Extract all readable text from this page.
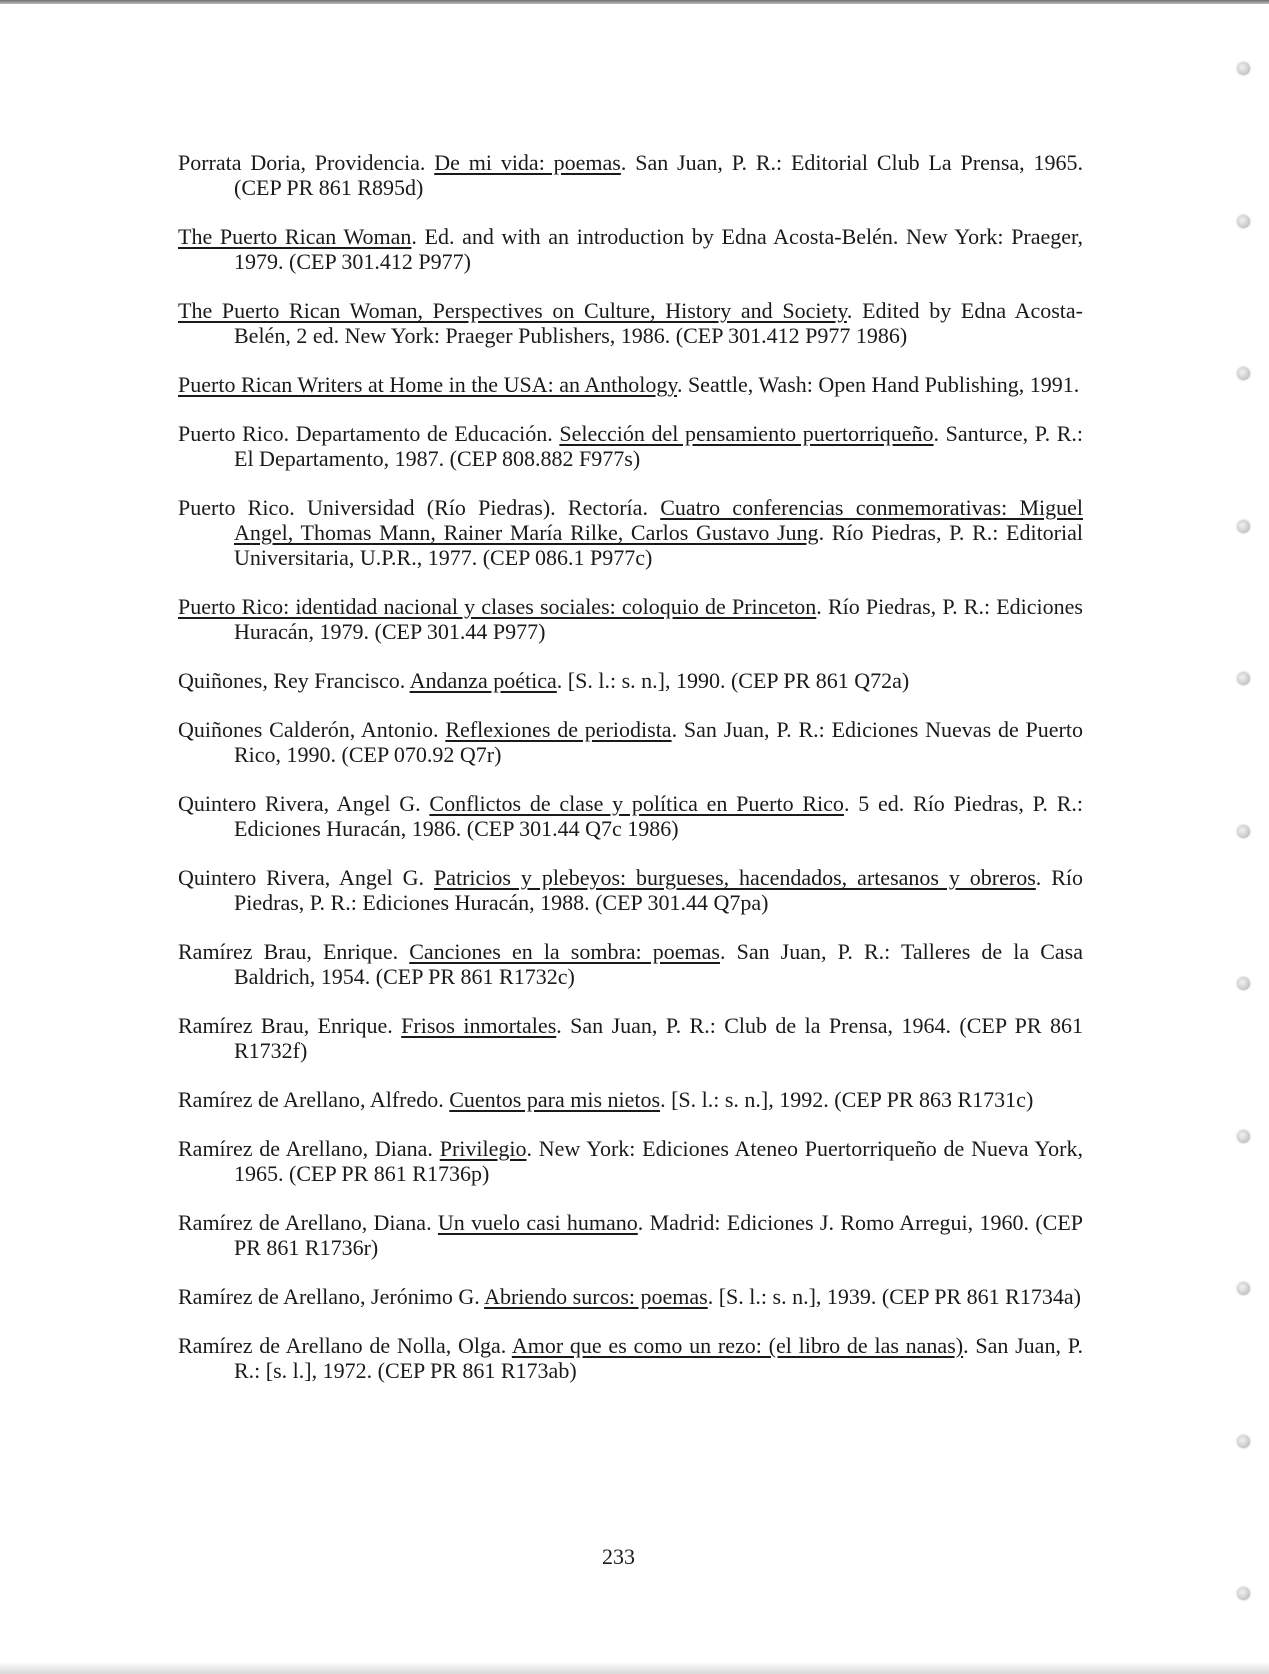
Porrata Doria, Providencia. De mi vida: poemas. San Juan, P. R.: Editorial Club La Prensa, 1965. (CEP PR 861 R895d)

The Puerto Rican Woman. Ed. and with an introduction by Edna Acosta-Belén. New York: Praeger, 1979. (CEP 301.412 P977)

The Puerto Rican Woman, Perspectives on Culture, History and Society. Edited by Edna Acosta-Belén, 2 ed. New York: Praeger Publishers, 1986. (CEP 301.412 P977 1986)

Puerto Rican Writers at Home in the USA: an Anthology. Seattle, Wash: Open Hand Publishing, 1991.

Puerto Rico. Departamento de Educación. Selección del pensamiento puertorriqueño. Santurce, P. R.: El Departamento, 1987. (CEP 808.882 F977s)

Puerto Rico. Universidad (Río Piedras). Rectoría. Cuatro conferencias conmemorativas: Miguel Angel, Thomas Mann, Rainer María Rilke, Carlos Gustavo Jung. Río Piedras, P. R.: Editorial Universitaria, U.P.R., 1977. (CEP 086.1 P977c)

Puerto Rico: identidad nacional y clases sociales: coloquio de Princeton. Río Piedras, P. R.: Ediciones Huracán, 1979. (CEP 301.44 P977)

Quiñones, Rey Francisco. Andanza poética. [S. l.: s. n.], 1990. (CEP PR 861 Q72a)

Quiñones Calderón, Antonio. Reflexiones de periodista. San Juan, P. R.: Ediciones Nuevas de Puerto Rico, 1990. (CEP 070.92 Q7r)

Quintero Rivera, Angel G. Conflictos de clase y política en Puerto Rico. 5 ed. Río Piedras, P. R.: Ediciones Huracán, 1986. (CEP 301.44 Q7c 1986)

Quintero Rivera, Angel G. Patricios y plebeyos: burgueses, hacendados, artesanos y obreros. Río Piedras, P. R.: Ediciones Huracán, 1988. (CEP 301.44 Q7pa)

Ramírez Brau, Enrique. Canciones en la sombra: poemas. San Juan, P. R.: Talleres de la Casa Baldrich, 1954. (CEP PR 861 R1732c)

Ramírez Brau, Enrique. Frisos inmortales. San Juan, P. R.: Club de la Prensa, 1964. (CEP PR 861 R1732f)

Ramírez de Arellano, Alfredo. Cuentos para mis nietos. [S. l.: s. n.], 1992. (CEP PR 863 R1731c)

Ramírez de Arellano, Diana. Privilegio. New York: Ediciones Ateneo Puertorriqueño de Nueva York, 1965. (CEP PR 861 R1736p)

Ramírez de Arellano, Diana. Un vuelo casi humano. Madrid: Ediciones J. Romo Arregui, 1960. (CEP PR 861 R1736r)

Ramírez de Arellano, Jerónimo G. Abriendo surcos: poemas. [S. l.: s. n.], 1939. (CEP PR 861 R1734a)

Ramírez de Arellano de Nolla, Olga. Amor que es como un rezo: (el libro de las nanas). San Juan, P. R.: [s. l.], 1972. (CEP PR 861 R173ab)

233
